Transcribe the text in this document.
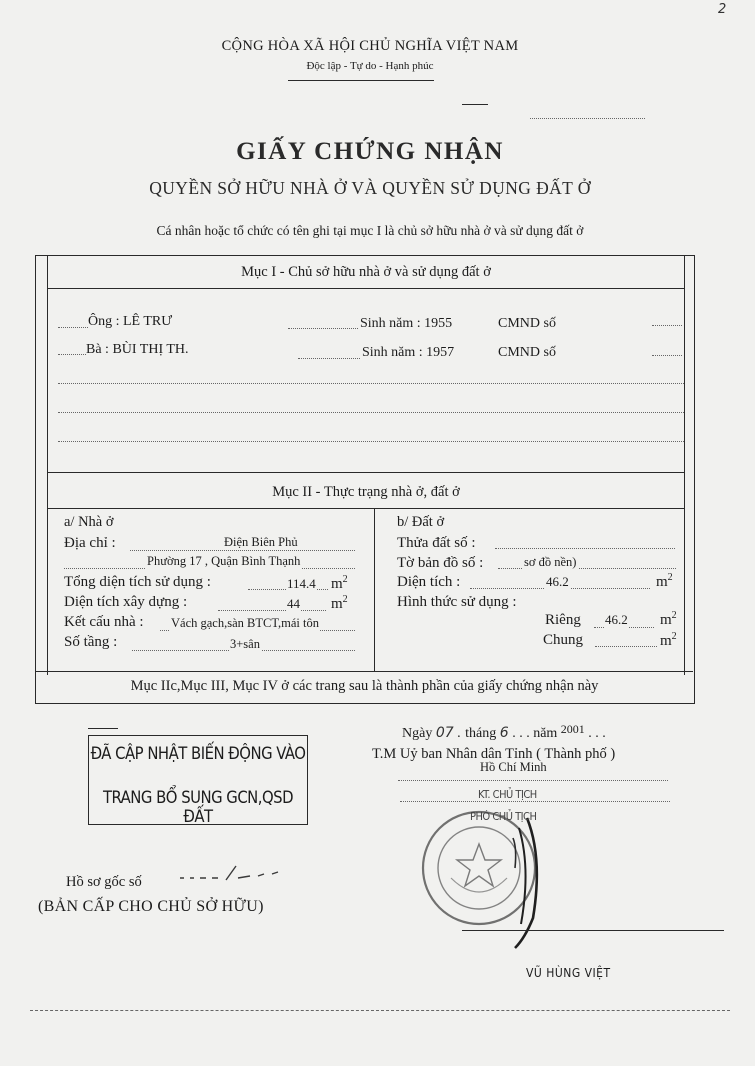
2
CỘNG HÒA XÃ HỘI CHỦ NGHĨA VIỆT NAM
Độc lập - Tự do - Hạnh phúc
GIẤY CHỨNG NHẬN
QUYỀN SỞ HỮU NHÀ Ở VÀ QUYỀN SỬ DỤNG ĐẤT Ở
Cá nhân hoặc tổ chức có tên ghi tại mục I là chủ sở hữu nhà ở và sử dụng đất ở
Mục I - Chủ sở hữu nhà ở và sử dụng đất ở
Ông : LÊ TRƯ	Sinh năm : 1955	CMND số
Bà : BÙI THỊ TH.	Sinh năm : 1957	CMND số
Mục II - Thực trạng nhà ở, đất ở
a/ Nhà ở
Địa chỉ :	Điện Biên Phủ
Phường 17 , Quận Bình Thạnh
Tổng diện tích sử dụng :	114.4 $m^2$
Diện tích xây dựng :	44 $m^2$
Kết cấu nhà : Vách gạch,sàn BTCT,mái tôn
Số tầng :	3+sân
b/ Đất ở
Thửa đất số :
Tờ bản đồ số :	sơ đồ nền)
Diện tích :	46.2	$m^2$
Hình thức sử dụng :
Riêng 46.2 $m^2$
Chung	$m^2$
Mục IIc,Mục III, Mục IV ở các trang sau là thành phần của giấy chứng nhận này
Ngày 07 . tháng 6 . . . năm 2001 . . .
T.M Uỷ ban Nhân dân Tỉnh ( Thành phố )
Hồ Chí Minh
KT. CHỦ TỊCH
PHÓ CHỦ TỊCH
VŨ HÙNG VIỆT
ĐÃ CẬP NHẬT BIẾN ĐỘNG VÀO
TRANG BỔ SUNG GCN,QSD ĐẤT
Hồ sơ gốc số
(BẢN CẤP CHO CHỦ SỞ HỮU)
